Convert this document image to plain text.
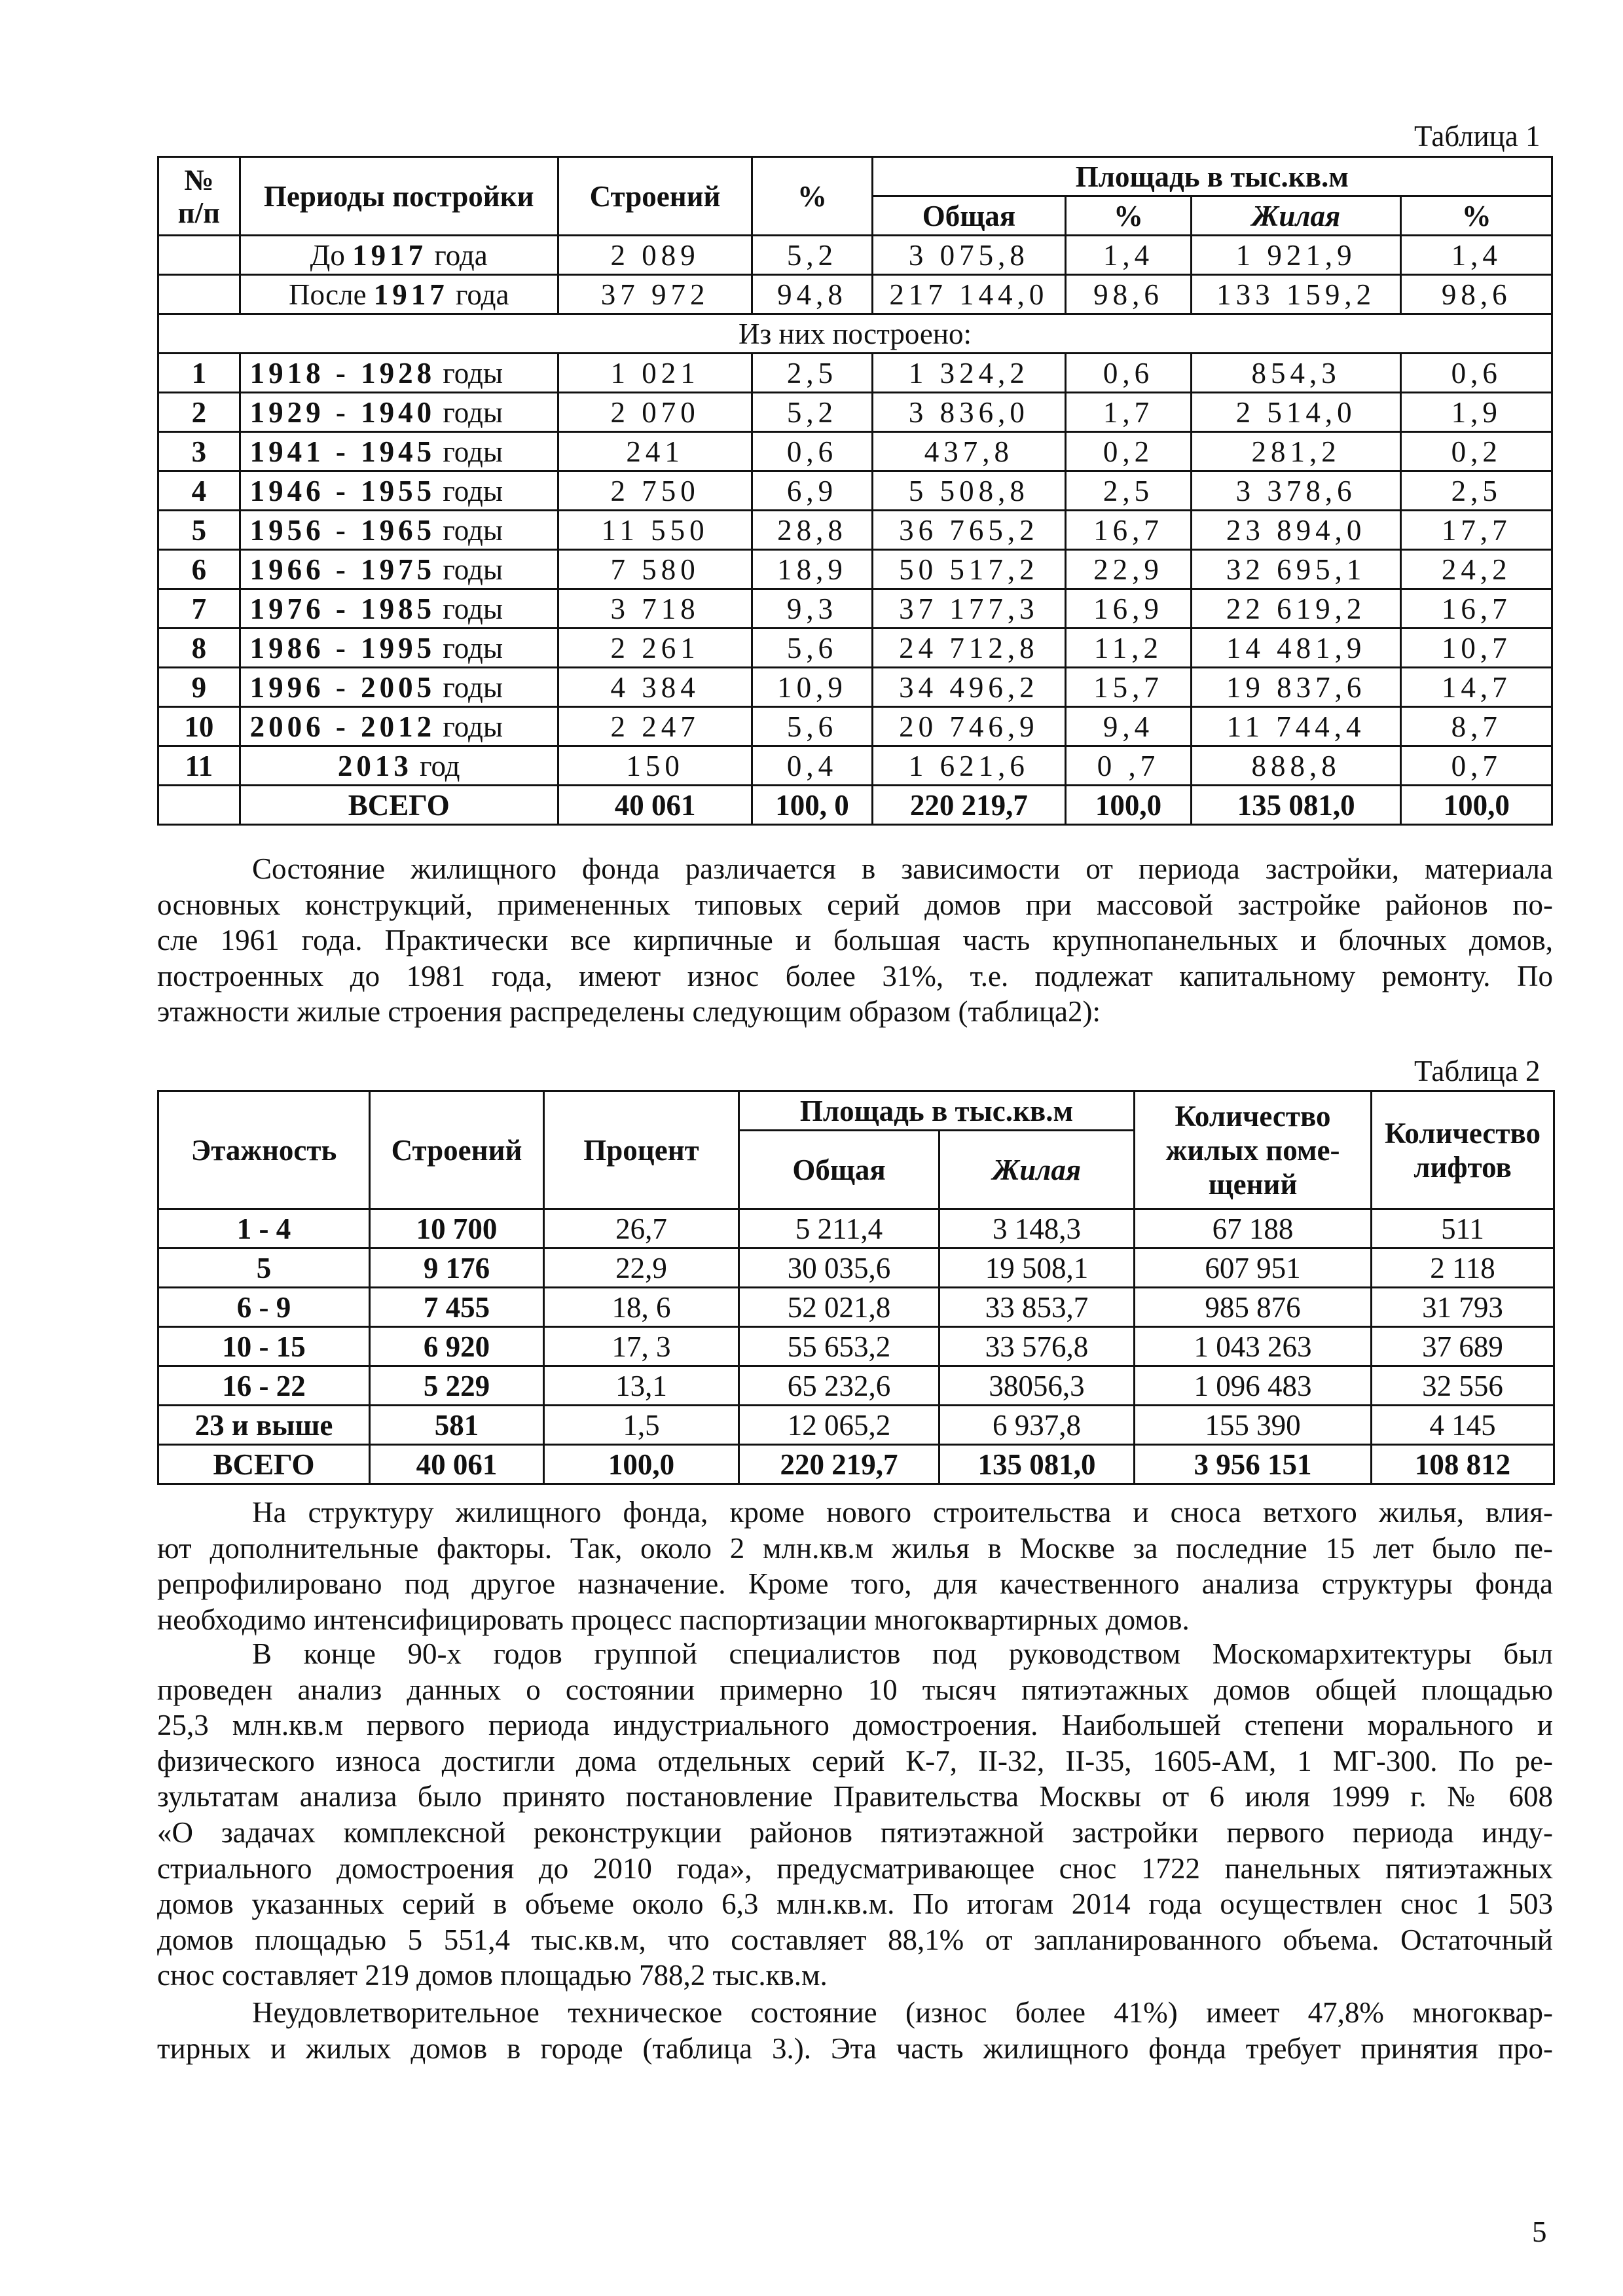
Таблица 1
№
п/п	Периоды постройки	Строений	%	Площадь в тыс.кв.м			
				Общая	%	Жилая	%
	До 1917 года	2 089	5,2	3 075,8	1,4	1 921,9	1,4
	После 1917 года	37 972	94,8	217 144,0	98,6	133 159,2	98,6
Из них построено:							
1	1918 - 1928 годы	1 021	2,5	1 324,2	0,6	854,3	0,6
2	1929 - 1940 годы	2 070	5,2	3 836,0	1,7	2 514,0	1,9
3	1941 - 1945 годы	241	0,6	437,8	0,2	281,2	0,2
4	1946 - 1955 годы	2 750	6,9	5 508,8	2,5	3 378,6	2,5
5	1956 - 1965 годы	11 550	28,8	36 765,2	16,7	23 894,0	17,7
6	1966 - 1975 годы	7 580	18,9	50 517,2	22,9	32 695,1	24,2
7	1976 - 1985 годы	3 718	9,3	37 177,3	16,9	22 619,2	16,7
8	1986 - 1995 годы	2 261	5,6	24 712,8	11,2	14 481,9	10,7
9	1996 - 2005 годы	4 384	10,9	34 496,2	15,7	19 837,6	14,7
10	2006 - 2012 годы	2 247	5,6	20 746,9	9,4	11 744,4	8,7
11	2013 год	150	0,4	1 621,6	0 ,7	888,8	0,7
	ВСЕГО	40 061	100, 0	220 219,7	100,0	135 081,0	100,0

Состояние жилищного фонда различается в зависимости от периода застройки, материала
основных конструкций, примененных типовых серий домов при массовой застройке районов по-
сле 1961 года. Практически все кирпичные и большая часть крупнопанельных и блочных домов,
построенных до 1981 года, имеют износ более 31%, т.е. подлежат капитальному ремонту. По
этажности жилые строения распределены следующим образом (таблица2):

Таблица 2
Этажность	Строений	Процент	Площадь в тыс.кв.м		Количество жилых поме-щений	Количество лифтов
			Общая	Жилая		
1 - 4	10 700	26,7	5 211,4	3 148,3	67 188	511
5	9 176	22,9	30 035,6	19 508,1	607 951	2 118
6 - 9	7 455	18, 6	52 021,8	33 853,7	985 876	31 793
10 - 15	6 920	17, 3	55 653,2	33 576,8	1 043 263	37 689
16 - 22	5 229	13,1	65 232,6	38056,3	1 096 483	32 556
23 и выше	581	1,5	12 065,2	6 937,8	155 390	4 145
ВСЕГО	40 061	100,0	220 219,7	135 081,0	3 956 151	108 812

На структуру жилищного фонда, кроме нового строительства и сноса ветхого жилья, влия-
ют дополнительные факторы. Так, около 2 млн.кв.м жилья в Москве за последние 15 лет было пе-
репрофилировано под другое назначение. Кроме того, для качественного анализа структуры фонда
необходимо интенсифицировать процесс паспортизации многоквартирных домов.

В конце 90-х годов группой специалистов под руководством Москомархитектуры был
проведен анализ данных о состоянии примерно 10 тысяч пятиэтажных домов общей площадью
25,3 млн.кв.м первого периода индустриального домостроения. Наибольшей степени морального и
физического износа достигли дома отдельных серий К-7, II-32, II-35, 1605-АМ, 1 МГ-300. По ре-
зультатам анализа было принято постановление Правительства Москвы от 6 июля 1999 г. № 608
«О задачах комплексной реконструкции районов пятиэтажной застройки первого периода инду-
стриального домостроения до 2010 года», предусматривающее снос 1722 панельных пятиэтажных
домов указанных серий в объеме около 6,3 млн.кв.м. По итогам 2014 года осуществлен снос 1 503
домов площадью 5 551,4 тыс.кв.м, что составляет 88,1% от запланированного объема. Остаточный
снос составляет 219 домов площадью 788,2 тыс.кв.м.

Неудовлетворительное техническое состояние (износ более 41%) имеет 47,8% многоквар-
тирных и жилых домов в городе (таблица 3.). Эта часть жилищного фонда требует принятия про-

5
